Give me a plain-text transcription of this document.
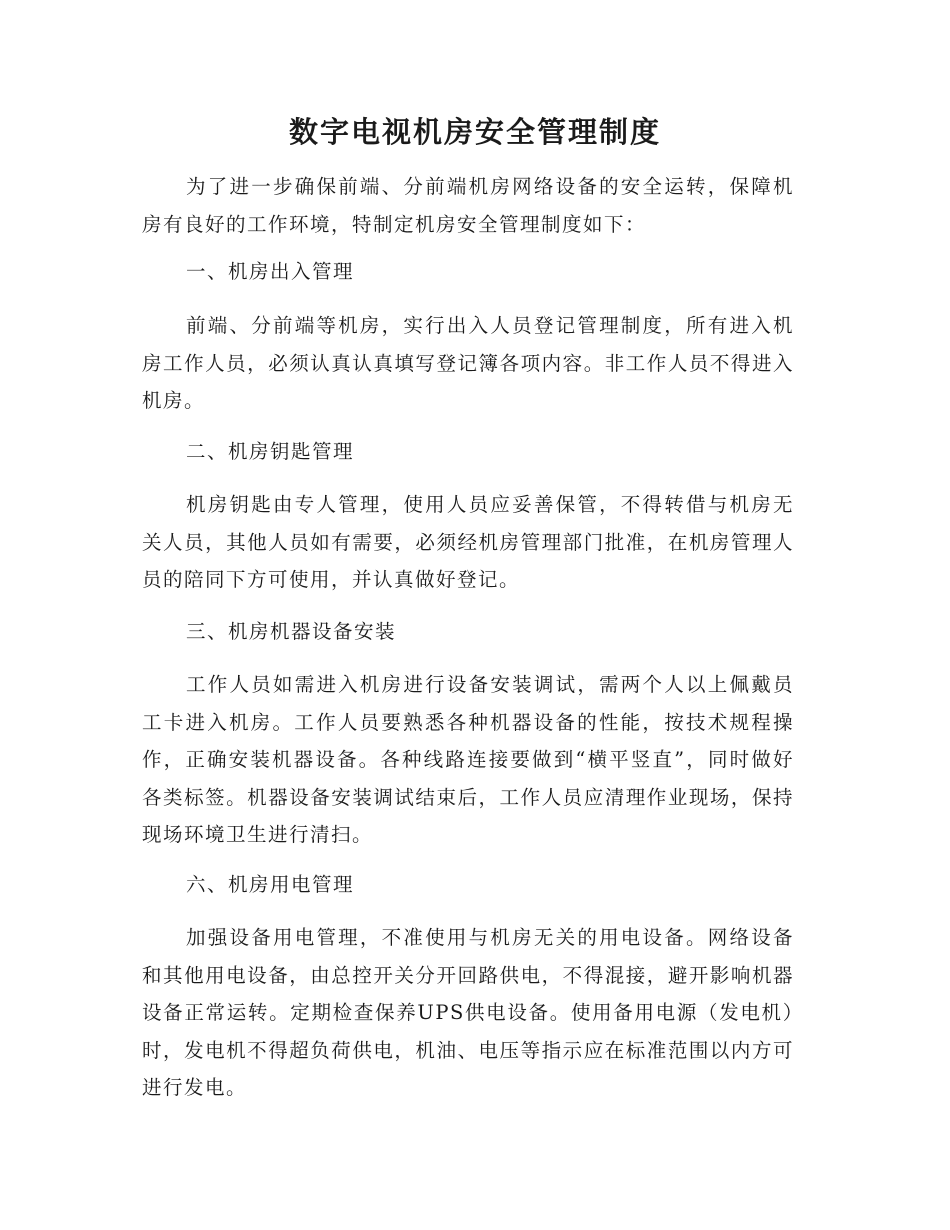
数字电视机房安全管理制度

为了进一步确保前端、分前端机房网络设备的安全运转，保障机房有良好的工作环境，特制定机房安全管理制度如下：

一、机房出入管理

前端、分前端等机房，实行出入人员登记管理制度，所有进入机房工作人员，必须认真认真填写登记簿各项内容。非工作人员不得进入机房。

二、机房钥匙管理

机房钥匙由专人管理，使用人员应妥善保管，不得转借与机房无关人员，其他人员如有需要，必须经机房管理部门批准，在机房管理人员的陪同下方可使用，并认真做好登记。

三、机房机器设备安装

工作人员如需进入机房进行设备安装调试，需两个人以上佩戴员工卡进入机房。工作人员要熟悉各种机器设备的性能，按技术规程操作，正确安装机器设备。各种线路连接要做到“横平竖直”，同时做好各类标签。机器设备安装调试结束后，工作人员应清理作业现场，保持现场环境卫生进行清扫。

六、机房用电管理

加强设备用电管理，不准使用与机房无关的用电设备。网络设备和其他用电设备，由总控开关分开回路供电，不得混接，避开影响机器设备正常运转。定期检查保养UPS供电设备。使用备用电源（发电机）时，发电机不得超负荷供电，机油、电压等指示应在标准范围以内方可进行发电。
